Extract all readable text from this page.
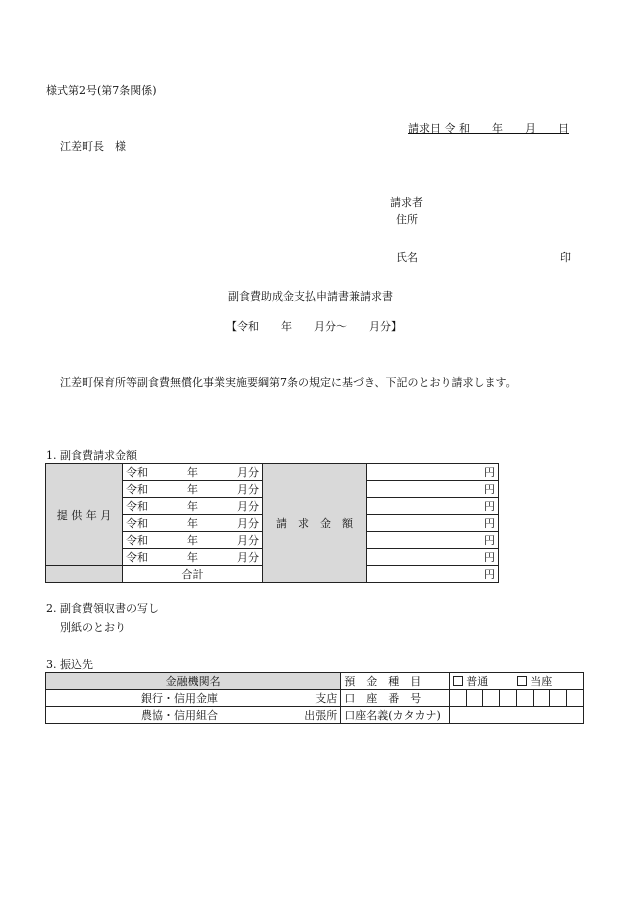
様式第2号(第7条関係)
請求日 令 和　　年　　月　　日
江差町長　様
請求者
住所
氏名	印
副食費助成金支払申請書兼請求書
【令和　　年　　月分～　　月分】
江差町保育所等副食費無償化事業実施要綱第7条の規定に基づき、下記のとおり請求します。
1. 副食費請求金額
提 供 年 月	令和 年 月分	請　求　金　額	円

	令和 年 月分		円

	令和 年 月分		円

	令和 年 月分		円

	令和 年 月分		円

	令和 年 月分		円
	合計		円
2. 副食費領収書の写し
別紙のとおり
3. 振込先
金融機関名	預　金　種　目	普通 当座							
銀行・信用金庫 支店	口　座　番　号								
農協・信用組合 出張所	口座名義(カタカナ)								
